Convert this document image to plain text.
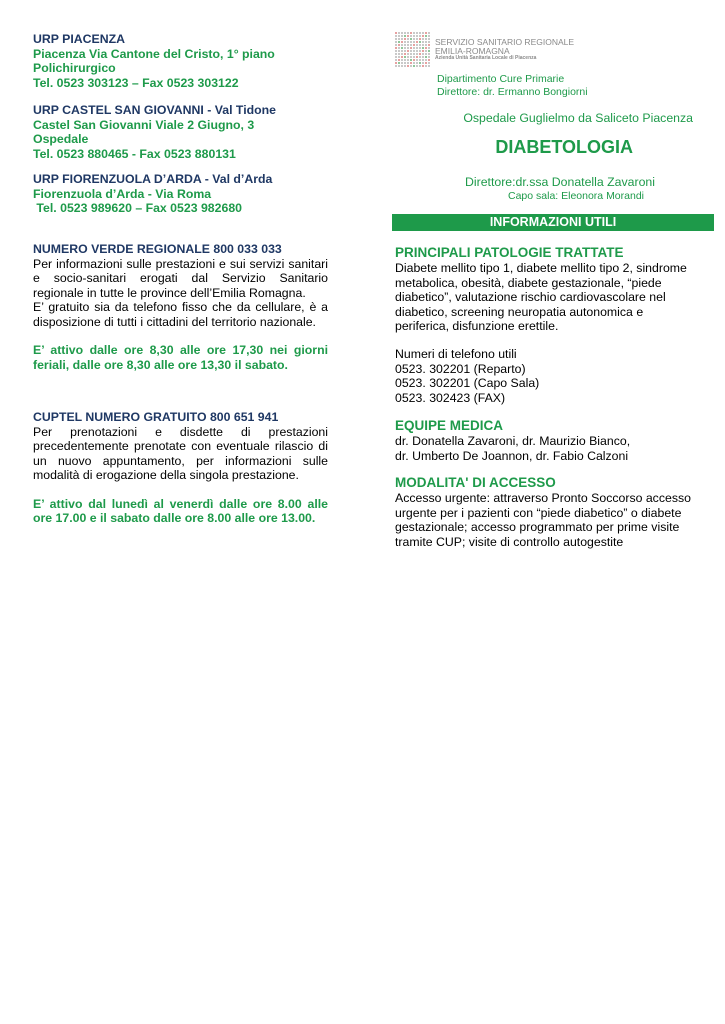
URP PIACENZA

Piacenza Via Cantone del Cristo, 1° piano

Polichirurgico

Tel. 0523 303123 – Fax 0523 303122

URP CASTEL SAN GIOVANNI - Val Tidone

Castel San Giovanni Viale 2 Giugno, 3

Ospedale

Tel. 0523 880465 - Fax 0523 880131

URP FIORENZUOLA D’ARDA - Val d’Arda

Fiorenzuola d’Arda - Via Roma

Tel. 0523 989620 – Fax 0523 982680

NUMERO VERDE REGIONALE 800 033 033

Per informazioni sulle prestazioni e sui servizi sanitari e socio-sanitari erogati dal Servizio Sanitario regionale in tutte le province dell’Emilia Romagna.

E’ gratuito sia da telefono fisso che da cellulare, è a disposizione di tutti i cittadini del territorio nazionale.

E’ attivo dalle ore 8,30 alle ore 17,30 nei giorni feriali, dalle ore 8,30 alle ore 13,30 il sabato.

CUPTEL NUMERO GRATUITO 800 651 941

Per prenotazioni e disdette di prestazioni precedentemente prenotate con eventuale rilascio di un nuovo appuntamento, per informazioni sulle modalità di erogazione della singola prestazione.

E’ attivo dal lunedì al venerdì dalle ore 8.00 alle ore 17.00 e il sabato dalle ore 8.00 alle ore 13.00.

SERVIZIO SANITARIO REGIONALE
EMILIA-ROMAGNA
Azienda Unità Sanitaria Locale di Piacenza
Dipartimento Cure Primarie
Direttore: dr. Ermanno Bongiorni
Ospedale Guglielmo da Saliceto Piacenza
DIABETOLOGIA
Direttore:dr.ssa Donatella Zavaroni
Capo sala: Eleonora Morandi
INFORMAZIONI UTILI

PRINCIPALI PATOLOGIE TRATTATE

Diabete mellito tipo 1, diabete mellito tipo 2, sindrome metabolica, obesità, diabete gestazionale, “piede diabetico”, valutazione rischio cardiovascolare nel diabetico, screening neuropatia autonomica e periferica, disfunzione erettile.

Numeri di telefono utili

0523. 302201 (Reparto)

0523. 302201 (Capo Sala)

0523. 302423 (FAX)

EQUIPE MEDICA

dr. Donatella Zavaroni, dr. Maurizio Bianco,

dr. Umberto De Joannon, dr. Fabio Calzoni

MODALITA' DI ACCESSO

Accesso urgente: attraverso Pronto Soccorso accesso urgente per i pazienti con “piede diabetico” o diabete gestazionale; accesso programmato per prime visite tramite CUP; visite di controllo autogestite
